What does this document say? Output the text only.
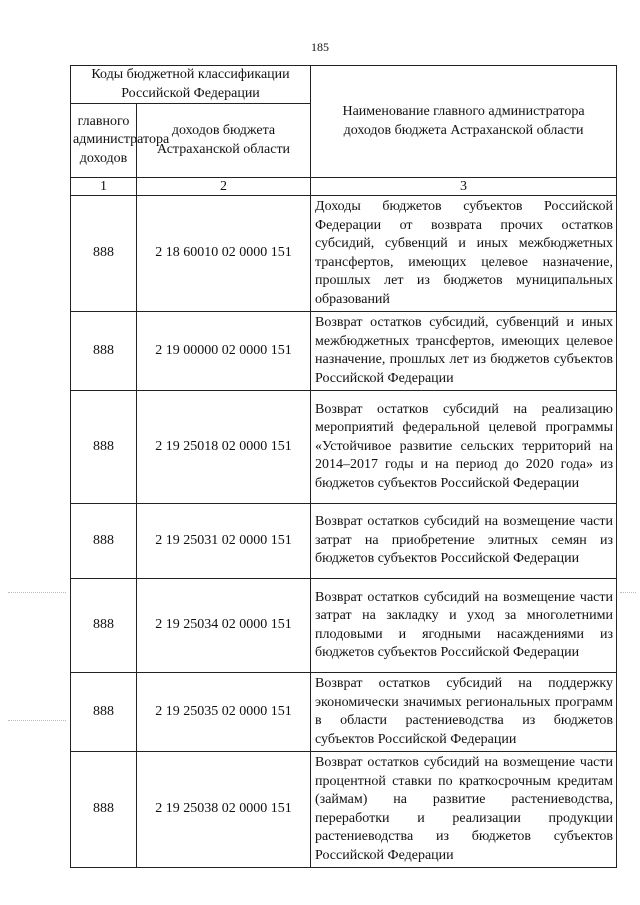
185
Коды бюджетной классификации Российской Федерации		Наименование главного администратора доходов бюджета Астраханской области
главного администратора доходов	доходов бюджета Астраханской области	
1	2	3
888	2 18 60010 02 0000 151	Доходы бюджетов субъектов Российской Федерации от возврата прочих остатков субсидий, субвенций и иных межбюджетных трансфертов, имеющих целевое назначение, прошлых лет из бюджетов муниципальных образований
888	2 19 00000 02 0000 151	Возврат остатков субсидий, субвенций и иных межбюджетных трансфертов, имеющих целевое назначение, прошлых лет из бюджетов субъектов Российской Федерации
888	2 19 25018 02 0000 151	Возврат остатков субсидий на реализацию мероприятий федеральной целевой программы «Устойчивое развитие сельских территорий на 2014–2017 годы и на период до 2020 года» из бюджетов субъектов Российской Федерации
888	2 19 25031 02 0000 151	Возврат остатков субсидий на возмещение части затрат на приобретение элитных семян из бюджетов субъектов Российской Федерации
888	2 19 25034 02 0000 151	Возврат остатков субсидий на возмещение части затрат на закладку и уход за многолетними плодовыми и ягодными насаждениями из бюджетов субъектов Российской Федерации
888	2 19 25035 02 0000 151	Возврат остатков субсидий на поддержку экономически значимых региональных программ в области растениеводства из бюджетов субъектов Российской Федерации
888	2 19 25038 02 0000 151	Возврат остатков субсидий на возмещение части процентной ставки по краткосрочным кредитам (займам) на развитие растениеводства, переработки и реализации продукции растениеводства из бюджетов субъектов Российской Федерации
